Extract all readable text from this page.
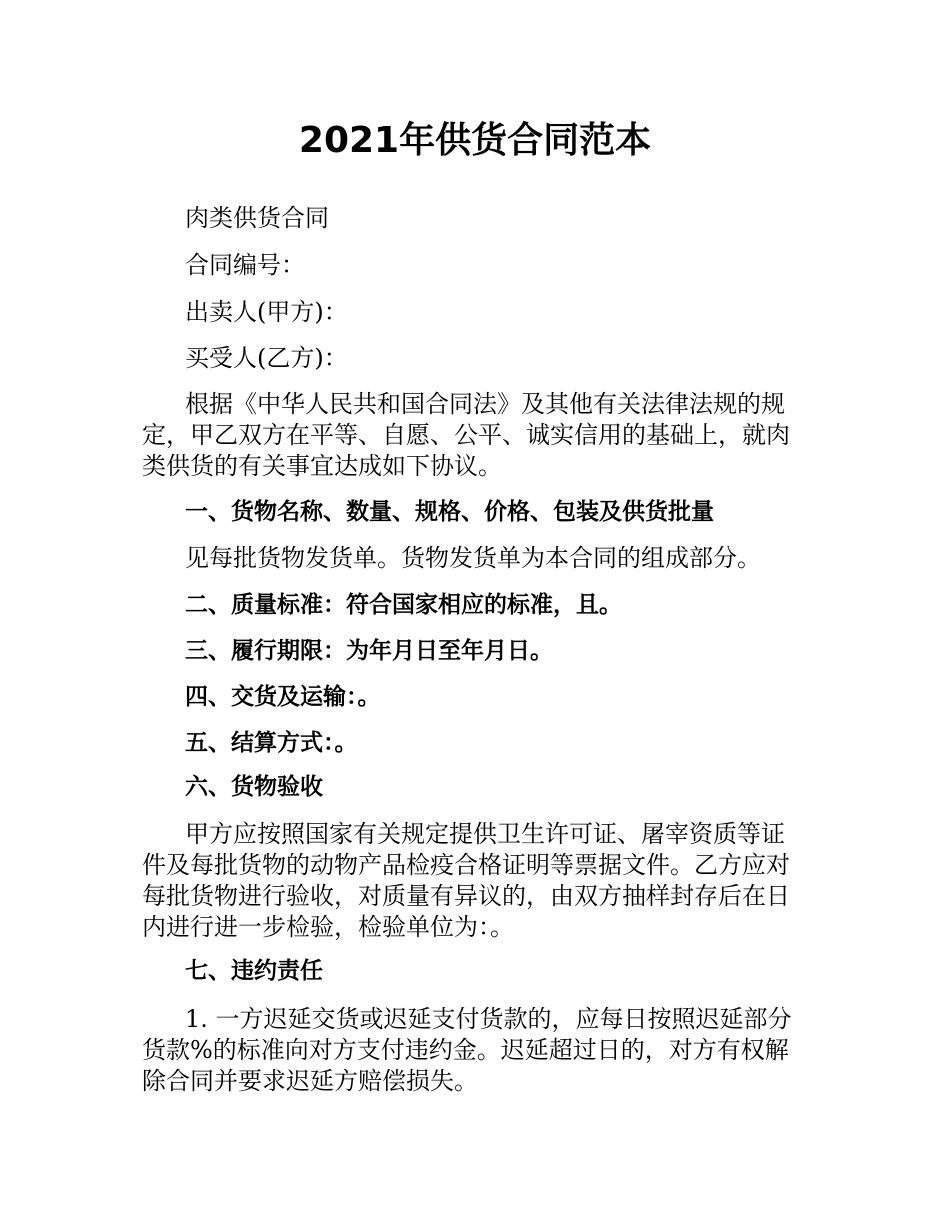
2021年供货合同范本

肉类供货合同

合同编号：

出卖人(甲方)：

买受人(乙方)：

根据《中华人民共和国合同法》及其他有关法律法规的规定，甲乙双方在平等、自愿、公平、诚实信用的基础上，就肉类供货的有关事宜达成如下协议。

一、货物名称、数量、规格、价格、包装及供货批量

见每批货物发货单。货物发货单为本合同的组成部分。

二、质量标准：符合国家相应的标准，且。

三、履行期限：为年月日至年月日。

四、交货及运输：。

五、结算方式：。

六、货物验收

甲方应按照国家有关规定提供卫生许可证、屠宰资质等证件及每批货物的动物产品检疫合格证明等票据文件。乙方应对每批货物进行验收，对质量有异议的，由双方抽样封存后在日内进行进一步检验，检验单位为：。

七、违约责任

1. 一方迟延交货或迟延支付货款的，应每日按照迟延部分货款%的标准向对方支付违约金。迟延超过日的，对方有权解除合同并要求迟延方赔偿损失。
